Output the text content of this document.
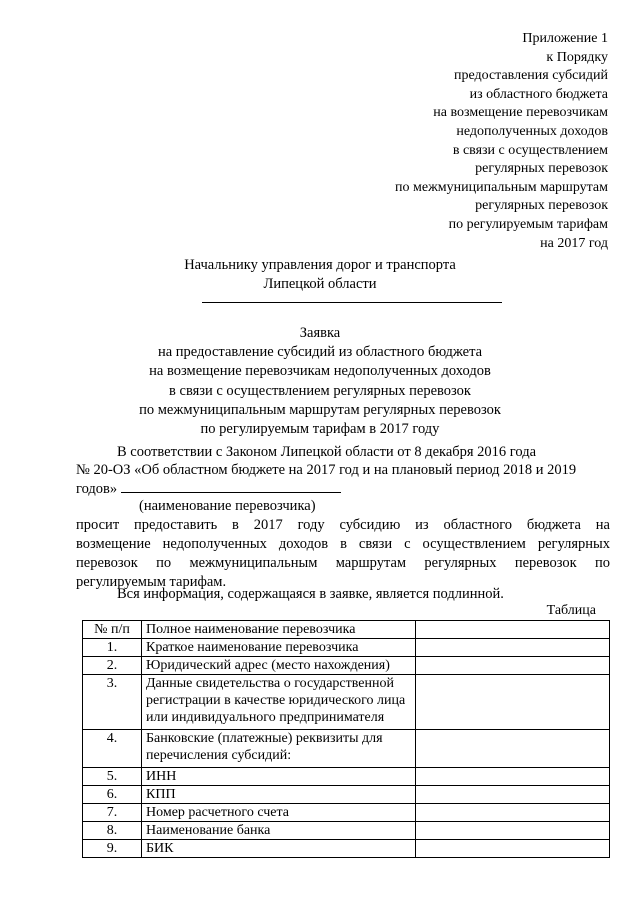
Приложение 1
к Порядку
предоставления субсидий
из областного бюджета
на возмещение перевозчикам
недополученных доходов
в связи с осуществлением
регулярных перевозок
по межмуниципальным маршрутам
регулярных перевозок
по регулируемым тарифам
на 2017 год
Начальнику управления дорог и транспорта
Липецкой области
Заявка
на предоставление субсидий из областного бюджета
на возмещение перевозчикам недополученных доходов
в связи с осуществлением регулярных перевозок
по межмуниципальным маршрутам регулярных перевозок
по регулируемым тарифам в 2017 году
В соответствии с Законом Липецкой области от 8 декабря 2016 года
№ 20-ОЗ «Об областном бюджете на 2017 год и на плановый период 2018 и 2019
годов»
(наименование перевозчика)
просит предоставить в 2017 году субсидию из областного бюджета на
возмещение недополученных доходов в связи с осуществлением регулярных
перевозок по межмуниципальным маршрутам регулярных перевозок по
регулируемым тарифам.
Вся информация, содержащаяся в заявке, является подлинной.
Таблица
№ п/п	Полное наименование перевозчика	
1.	Краткое наименование перевозчика	
2.	Юридический адрес (место нахождения)	
3.	Данные свидетельства о государственной регистрации в качестве юридического лица или индивидуального предпринимателя	
4.	Банковские (платежные) реквизиты для перечисления субсидий:	
5.	ИНН	
6.	КПП	
7.	Номер расчетного счета	
8.	Наименование банка	
9.	БИК	
